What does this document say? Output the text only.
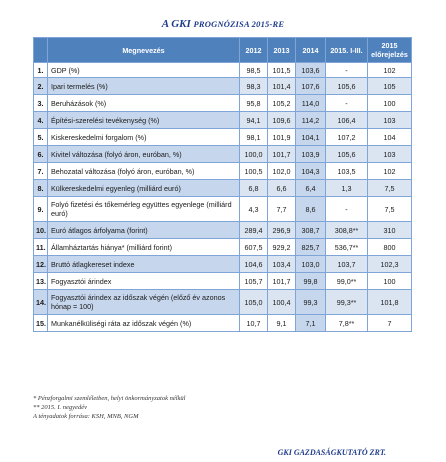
A GKI PROGNÓZISA 2015-RE
	Megnevezés	2012	2013	2014	2015. I-III.	2015 előrejelzés
1.	GDP (%)	98,5	101,5	103,6	-	102
2.	Ipari termelés (%)	98,3	101,4	107,6	105,6	105
3.	Beruházások (%)	95,8	105,2	114,0	-	100
4.	Építési-szerelési tevékenység (%)	94,1	109,6	114,2	106,4	103
5.	Kiskereskedelmi forgalom (%)	98,1	101,9	104,1	107,2	104
6.	Kivitel változása (folyó áron, euróban, %)	100,0	101,7	103,9	105,6	103
7.	Behozatal változása (folyó áron, euróban, %)	100,5	102,0	104,3	103,5	102
8.	Külkereskedelmi egyenleg (milliárd euró)	6,8	6,6	6,4	1,3	7,5
9.	Folyó fizetési és tőkemérleg együttes egyenlege (milliárd euró)	4,3	7,7	8,6	-	7,5
10.	Euró átlagos árfolyama (forint)	289,4	296,9	308,7	308,8**	310
11.	Államháztartás hiánya* (milliárd forint)	607,5	929,2	825,7	536,7**	800
12.	Bruttó átlagkereset indexe	104,6	103,4	103,0	103,7	102,3
13.	Fogyasztói árindex	105,7	101,7	99,8	99,0**	100
14.	Fogyasztói árindex az időszak végén (előző év azonos hónap = 100)	105,0	100,4	99,3	99,3**	101,8
15.	Munkanélküliségi ráta az időszak végén (%)	10,7	9,1	7,1	7,8**	7
* Pénzforgalmi szemléletben, helyi önkormányzatok nélkül
** 2015. I. negyedév
A tényadatok forrása: KSH, MNB, NGM
GKI GAZDASÁGKUTATÓ ZRT.
